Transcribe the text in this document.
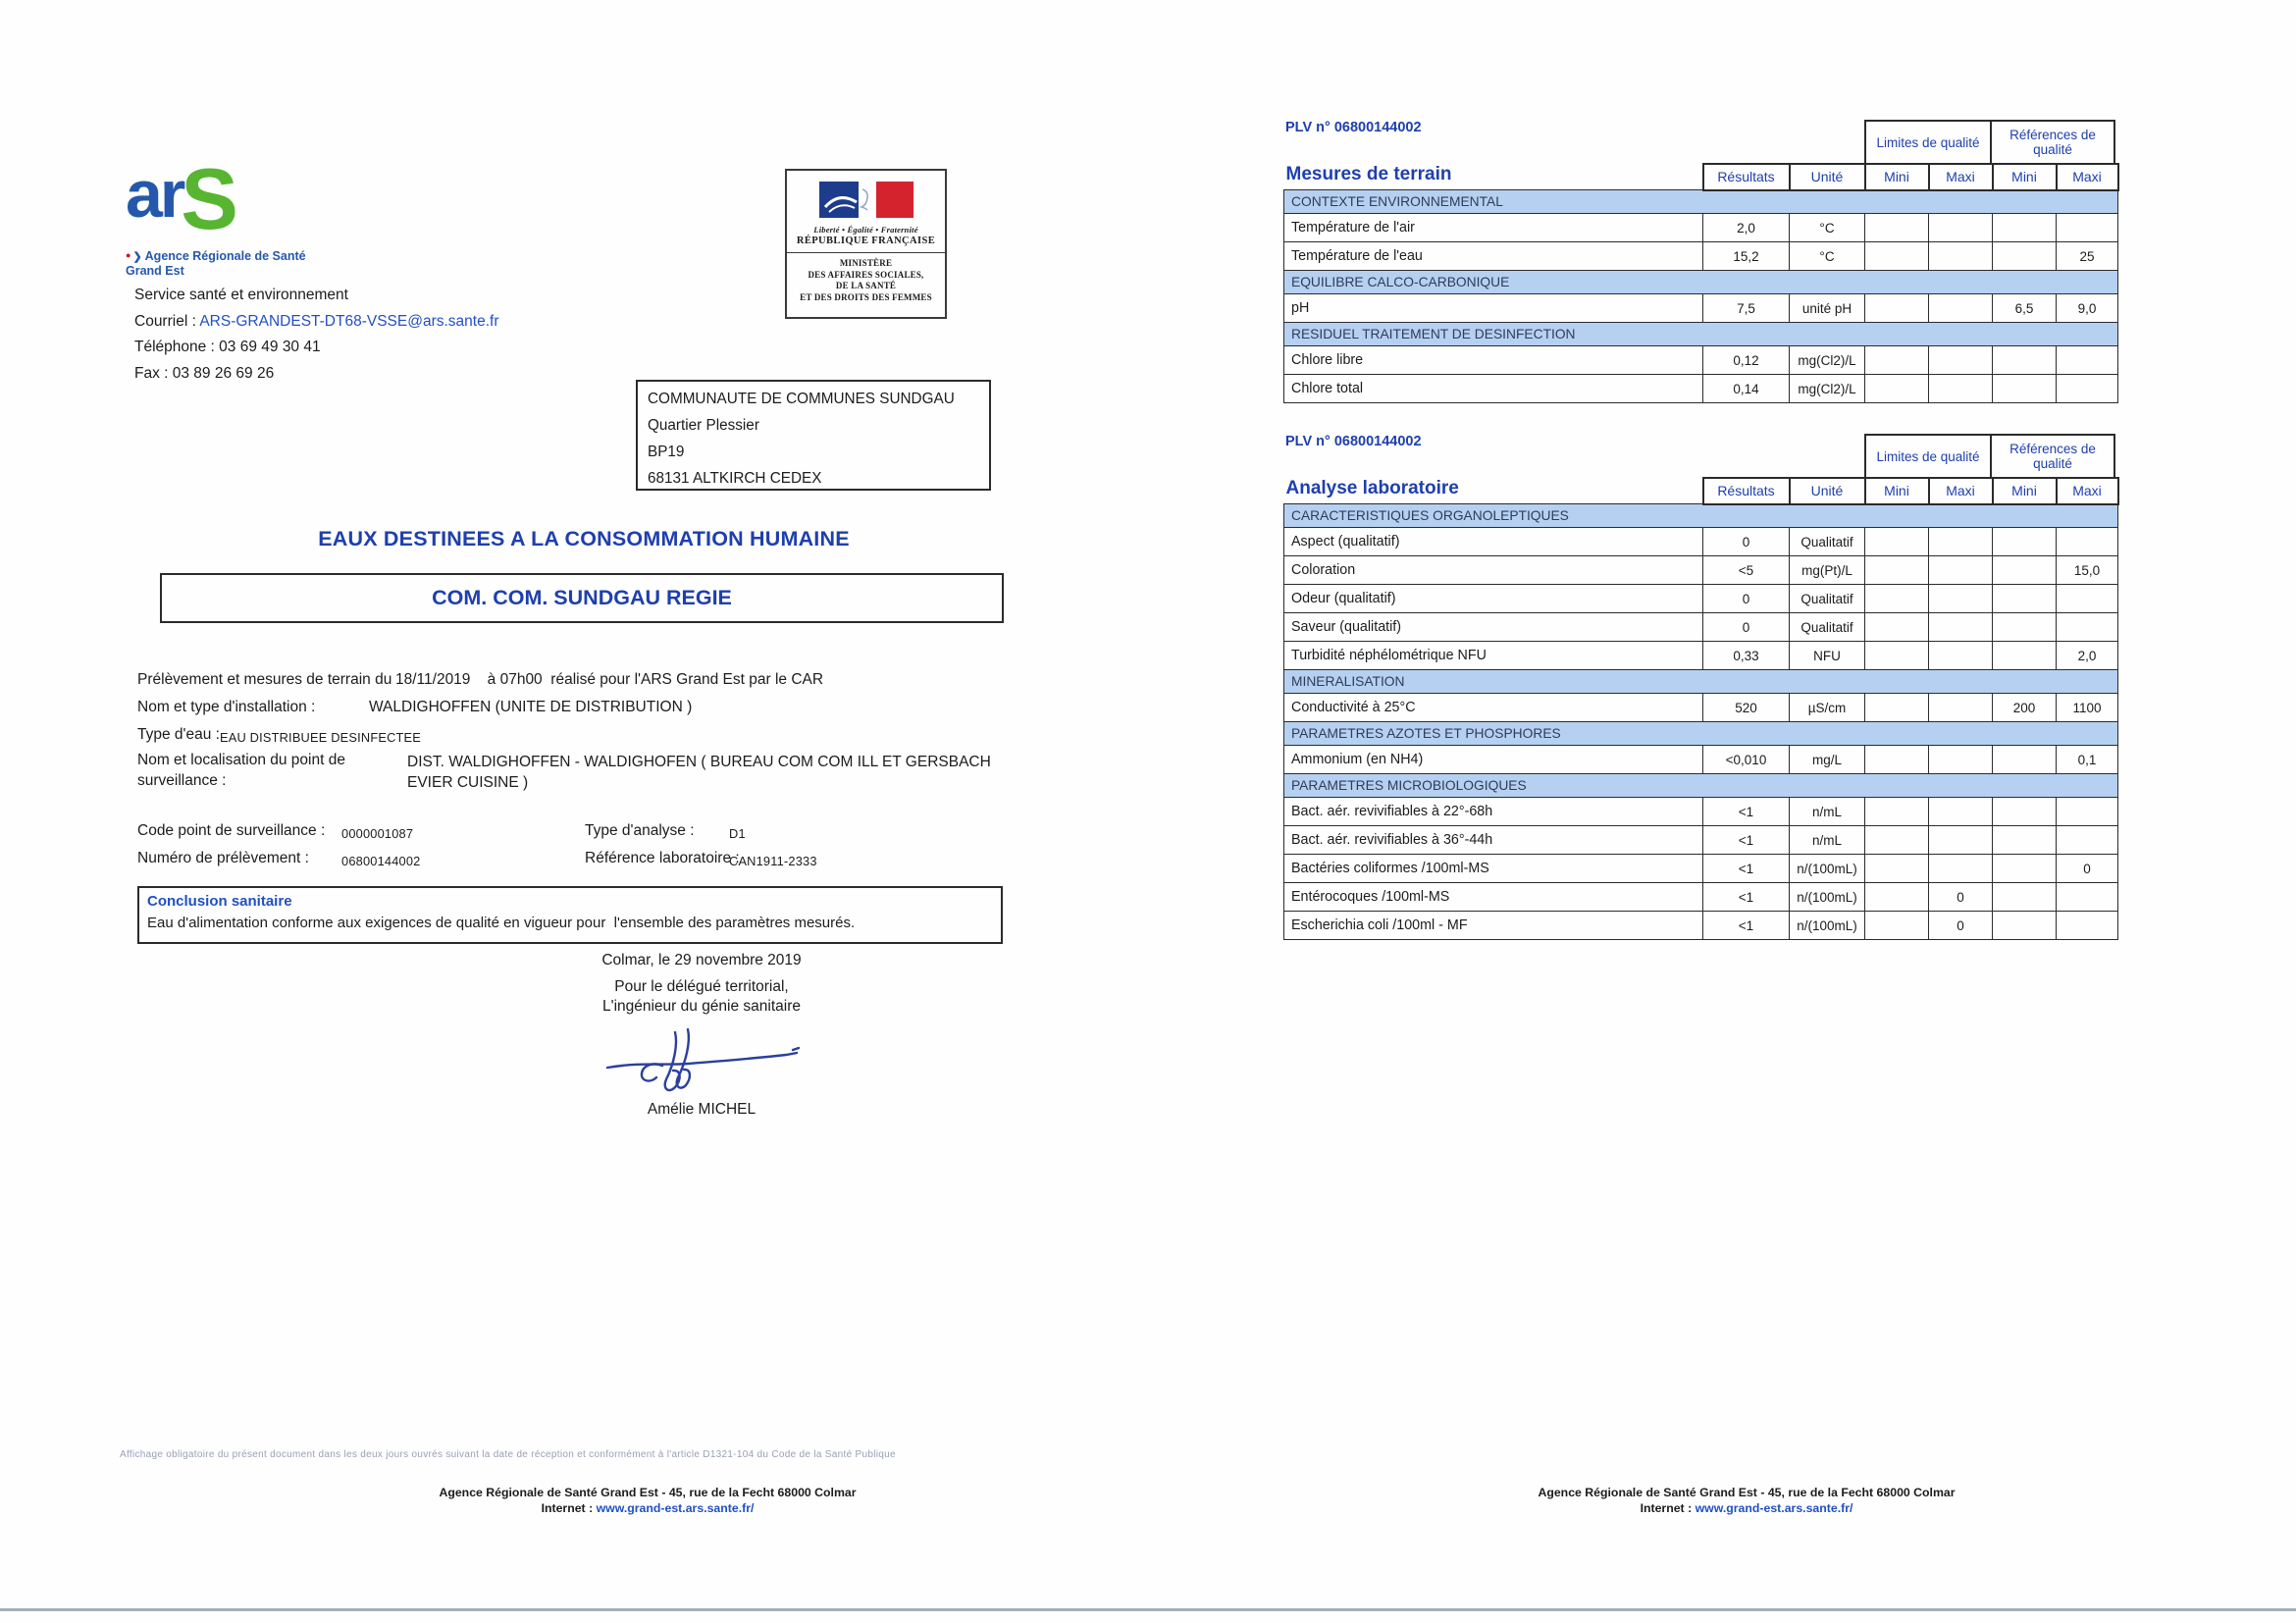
arS
● ❯ Agence Régionale de Santé
Grand Est
Liberté • Égalité • Fraternité
RÉPUBLIQUE FRANÇAISE
MINISTÈRE
DES AFFAIRES SOCIALES,
DE LA SANTÉ
ET DES DROITS DES FEMMES
Service santé et environnement
Courriel : ARS-GRANDEST-DT68-VSSE@ars.sante.fr
Téléphone : 03 69 49 30 41
Fax : 03 89 26 69 26
COMMUNAUTE DE COMMUNES SUNDGAU
Quartier Plessier
BP19
68131 ALTKIRCH CEDEX
EAUX DESTINEES A LA CONSOMMATION HUMAINE
COM. COM. SUNDGAU REGIE
Prélèvement et mesures de terrain du 18/11/2019    à 07h00  réalisé pour l'ARS Grand Est par le CAR
Nom et type d'installation :	WALDIGHOFFEN (UNITE DE DISTRIBUTION )
Type d'eau : EAU DISTRIBUEE DESINFECTEE
Nom et localisation du point de surveillance :
DIST. WALDIGHOFFEN - WALDIGHOFEN ( BUREAU COM COM ILL ET GERSBACH
EVIER CUISINE )
Code point de surveillance : 0000001087	Type d'analyse :	D1
Numéro de prélèvement :	06800144002	Référence laboratoire :
CAN1911-2333
Conclusion sanitaire
Eau d'alimentation conforme aux exigences de qualité en vigueur pour  l'ensemble des paramètres mesurés.
Colmar, le 29 novembre 2019
Pour le délégué territorial,
L'ingénieur du génie sanitaire
Amélie MICHEL
Affichage obligatoire du présent document dans les deux jours ouvrés suivant la date de réception et conformément à l'article D1321-104 du Code de la Santé Publique
Agence Régionale de Santé Grand Est - 45, rue de la Fecht 68000 Colmar
Internet : www.grand-est.ars.sante.fr/
Agence Régionale de Santé Grand Est - 45, rue de la Fecht 68000 Colmar
Internet : www.grand-est.ars.sante.fr/
PLV n° 06800144002
Limites de qualité	Références de qualité
Mesures de terrain	Résultats	Unité	Mini	Maxi	Mini	Maxi
CONTEXTE ENVIRONNEMENTAL						
Température de l'air	2,0	°C				
Température de l'eau	15,2	°C				25
EQUILIBRE CALCO-CARBONIQUE						
pH	7,5	unité pH			6,5	9,0
RESIDUEL TRAITEMENT DE DESINFECTION						
Chlore libre	0,12	mg(Cl2)/L				
Chlore total	0,14	mg(Cl2)/L				
PLV n° 06800144002
Limites de qualité	Références de qualité
Analyse laboratoire	Résultats	Unité	Mini	Maxi	Mini	Maxi
CARACTERISTIQUES ORGANOLEPTIQUES						
Aspect (qualitatif)	0	Qualitatif				
Coloration	<5	mg(Pt)/L				15,0
Odeur (qualitatif)	0	Qualitatif				
Saveur (qualitatif)	0	Qualitatif				
Turbidité néphélométrique NFU	0,33	NFU				2,0
MINERALISATION						
Conductivité à 25°C	520	µS/cm			200	1100
PARAMETRES AZOTES ET PHOSPHORES						
Ammonium (en NH4)	<0,010	mg/L				0,1
PARAMETRES MICROBIOLOGIQUES						
Bact. aér. revivifiables à 22°-68h	<1	n/mL				
Bact. aér. revivifiables à 36°-44h	<1	n/mL				
Bactéries coliformes /100ml-MS	<1	n/(100mL)				0
Entérocoques /100ml-MS	<1	n/(100mL)		0		
Escherichia coli /100ml - MF	<1	n/(100mL)		0		
